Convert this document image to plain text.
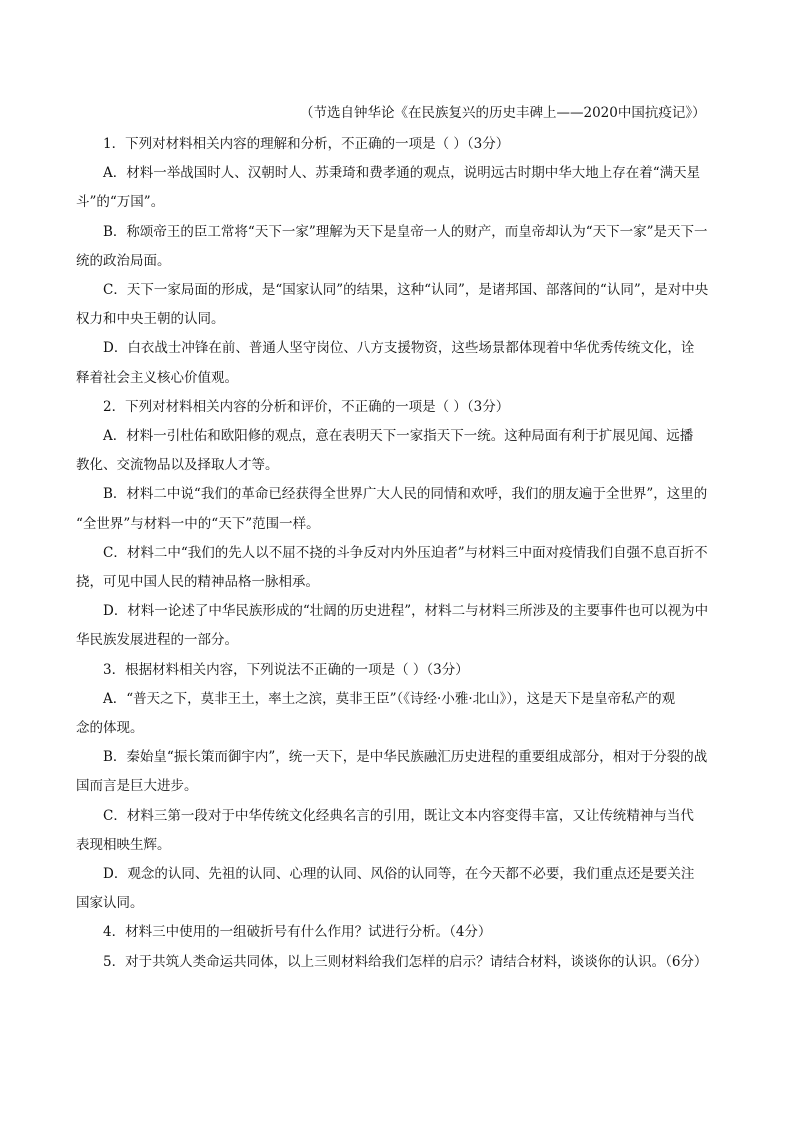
（节选自钟华论《在民族复兴的历史丰碑上——2020中国抗疫记》）

1．下列对材料相关内容的理解和分析，不正确的一项是（ ）（3分）

A．材料一举战国时人、汉朝时人、苏秉琦和费孝通的观点，说明远古时期中华大地上存在着“满天星
斗”的“万国”。

B．称颂帝王的臣工常将“天下一家”理解为天下是皇帝一人的财产，而皇帝却认为“天下一家”是天下一
统的政治局面。

C．天下一家局面的形成，是“国家认同”的结果，这种“认同”，是诸邦国、部落间的“认同”，是对中央
权力和中央王朝的认同。

D．白衣战士冲锋在前、普通人坚守岗位、八方支援物资，这些场景都体现着中华优秀传统文化，诠
释着社会主义核心价值观。

2．下列对材料相关内容的分析和评价，不正确的一项是（ ）（3分）

A．材料一引杜佑和欧阳修的观点，意在表明天下一家指天下一统。这种局面有利于扩展见闻、远播
教化、交流物品以及择取人才等。

B．材料二中说“我们的革命已经获得全世界广大人民的同情和欢呼，我们的朋友遍于全世界”，这里的
“全世界”与材料一中的“天下”范围一样。

C．材料二中“我们的先人以不屈不挠的斗争反对内外压迫者”与材料三中面对疫情我们自强不息百折不
挠，可见中国人民的精神品格一脉相承。

D．材料一论述了中华民族形成的“壮阔的历史进程”，材料二与材料三所涉及的主要事件也可以视为中
华民族发展进程的一部分。

3．根据材料相关内容，下列说法不正确的一项是（ ）（3分）

A．“普天之下，莫非王土，率土之滨，莫非王臣”（《诗经·小雅·北山》），这是天下是皇帝私产的观
念的体现。

B．秦始皇“振长策而御宇内”，统一天下，是中华民族融汇历史进程的重要组成部分，相对于分裂的战
国而言是巨大进步。

C．材料三第一段对于中华传统文化经典名言的引用，既让文本内容变得丰富，又让传统精神与当代
表现相映生辉。

D．观念的认同、先祖的认同、心理的认同、风俗的认同等，在今天都不必要，我们重点还是要关注
国家认同。

4．材料三中使用的一组破折号有什么作用？试进行分析。（4分）

5．对于共筑人类命运共同体，以上三则材料给我们怎样的启示？请结合材料，谈谈你的认识。（6分）
